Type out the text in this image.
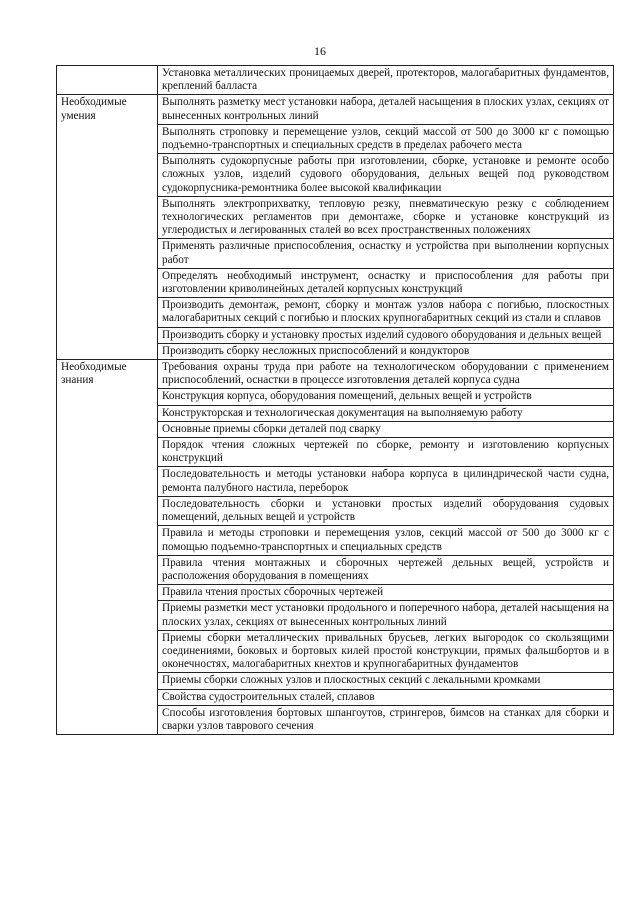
16
	Установка металлических проницаемых дверей, протекторов, малогабаритных фундаментов, креплений балласта
Необходимые умения	Выполнять разметку мест установки набора, деталей насыщения в плоских узлах, секциях от вынесенных контрольных линий
	Выполнять строповку и перемещение узлов, секций массой от 500 до 3000 кг с помощью подъемно-транспортных и специальных средств в пределах рабочего места
	Выполнять судокорпусные работы при изготовлении, сборке, установке и ремонте особо сложных узлов, изделий судового оборудования, дельных вещей под руководством судокорпусника-ремонтника более высокой квалификации
	Выполнять электроприхватку, тепловую резку, пневматическую резку с соблюдением технологических регламентов при демонтаже, сборке и установке конструкций из углеродистых и легированных сталей во всех пространственных положениях
	Применять различные приспособления, оснастку и устройства при выполнении корпусных работ
	Определять необходимый инструмент, оснастку и приспособления для работы при изготовлении криволинейных деталей корпусных конструкций
	Производить демонтаж, ремонт, сборку и монтаж узлов набора с погибью, плоскостных малогабаритных секций с погибью и плоских крупногабаритных секций из стали и сплавов
	Производить сборку и установку простых изделий судового оборудования и дельных вещей
	Производить сборку несложных приспособлений и кондукторов
Необходимые знания	Требования охраны труда при работе на технологическом оборудовании с применением приспособлений, оснастки в процессе изготовления деталей корпуса судна
	Конструкция корпуса, оборудования помещений, дельных вещей и устройств
	Конструкторская и технологическая документация на выполняемую работу
	Основные приемы сборки деталей под сварку
	Порядок чтения сложных чертежей по сборке, ремонту и изготовлению корпусных конструкций
	Последовательность и методы установки набора корпуса в цилиндрической части судна, ремонта палубного настила, переборок
	Последовательность сборки и установки простых изделий оборудования судовых помещений, дельных вещей и устройств
	Правила и методы строповки и перемещения узлов, секций массой от 500 до 3000 кг с помощью подъемно-транспортных и специальных средств
	Правила чтения монтажных и сборочных чертежей дельных вещей, устройств и расположения оборудования в помещениях
	Правила чтения простых сборочных чертежей
	Приемы разметки мест установки продольного и поперечного набора, деталей насыщения на плоских узлах, секциях от вынесенных контрольных линий
	Приемы сборки металлических привальных брусьев, легких выгородок со скользящими соединениями, боковых и бортовых килей простой конструкции, прямых фальшбортов и в оконечностях, малогабаритных кнехтов и крупногабаритных фундаментов
	Приемы сборки сложных узлов и плоскостных секций с лекальными кромками
	Свойства судостроительных сталей, сплавов
	Способы изготовления бортовых шпангоутов, стрингеров, бимсов на станках для сборки и сварки узлов таврового сечения
